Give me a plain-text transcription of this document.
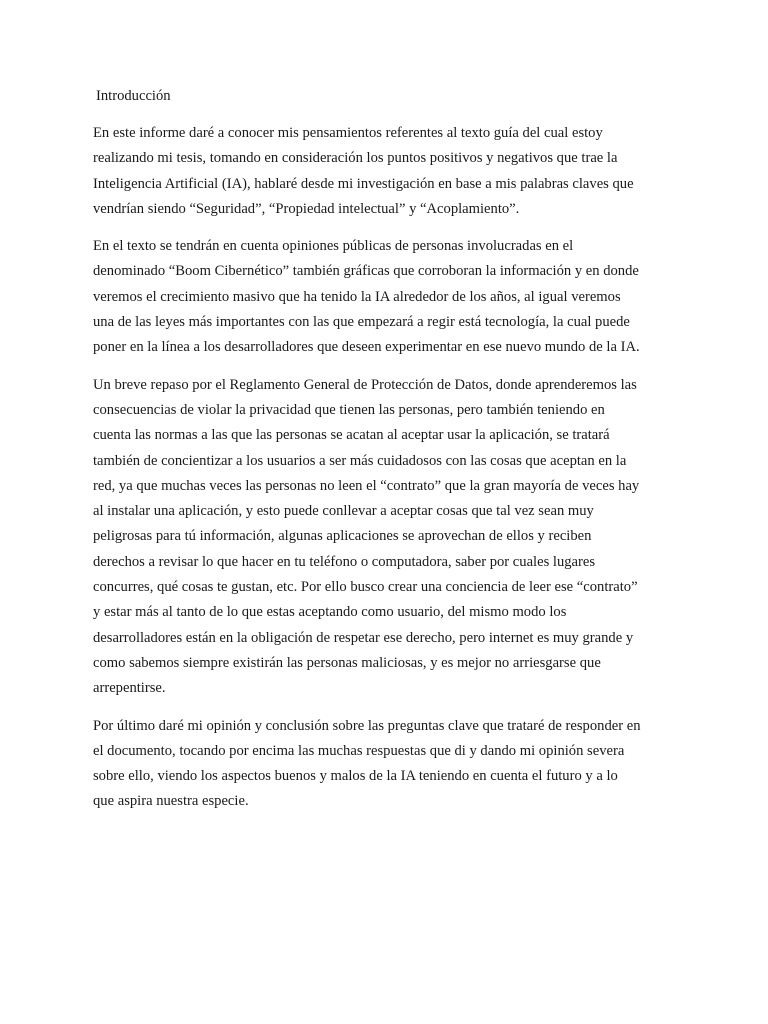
Introducción

En este informe daré a conocer mis pensamientos referentes al texto guía del cual estoy
realizando mi tesis, tomando en consideración los puntos positivos y negativos que trae la
Inteligencia Artificial (IA), hablaré desde mi investigación en base a mis palabras claves que
vendrían siendo “Seguridad”, “Propiedad intelectual” y “Acoplamiento”.

En el texto se tendrán en cuenta opiniones públicas de personas involucradas en el
denominado “Boom Cibernético” también gráficas que corroboran la información y en donde
veremos el crecimiento masivo que ha tenido la IA alrededor de los años, al igual veremos
una de las leyes más importantes con las que empezará a regir está tecnología, la cual puede
poner en la línea a los desarrolladores que deseen experimentar en ese nuevo mundo de la IA.

Un breve repaso por el Reglamento General de Protección de Datos, donde aprenderemos las
consecuencias de violar la privacidad que tienen las personas, pero también teniendo en
cuenta las normas a las que las personas se acatan al aceptar usar la aplicación, se tratará
también de concientizar a los usuarios a ser más cuidadosos con las cosas que aceptan en la
red, ya que muchas veces las personas no leen el “contrato” que la gran mayoría de veces hay
al instalar una aplicación, y esto puede conllevar a aceptar cosas que tal vez sean muy
peligrosas para tú información, algunas aplicaciones se aprovechan de ellos y reciben
derechos a revisar lo que hacer en tu teléfono o computadora, saber por cuales lugares
concurres, qué cosas te gustan, etc. Por ello busco crear una conciencia de leer ese “contrato”
y estar más al tanto de lo que estas aceptando como usuario, del mismo modo los
desarrolladores están en la obligación de respetar ese derecho, pero internet es muy grande y
como sabemos siempre existirán las personas maliciosas, y es mejor no arriesgarse que
arrepentirse.

Por último daré mi opinión y conclusión sobre las preguntas clave que trataré de responder en
el documento, tocando por encima las muchas respuestas que di y dando mi opinión severa
sobre ello, viendo los aspectos buenos y malos de la IA teniendo en cuenta el futuro y a lo
que aspira nuestra especie.
